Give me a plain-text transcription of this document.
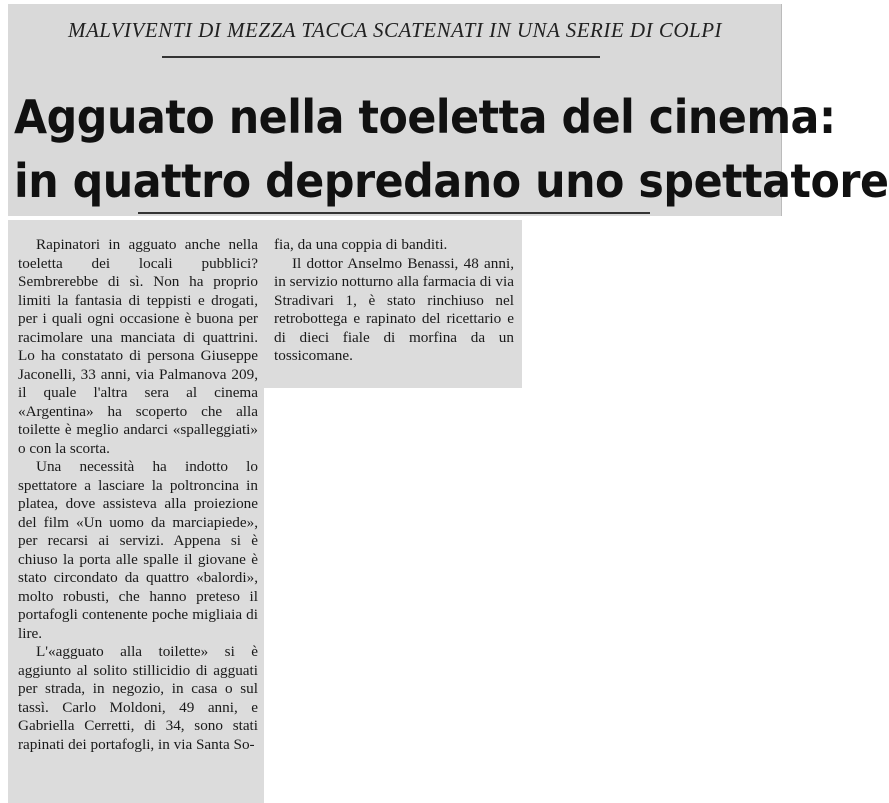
MALVIVENTI DI MEZZA TACCA SCATENATI IN UNA SERIE DI COLPI
Agguato nella toeletta del cinema:
in quattro depredano uno spettatore

Rapinatori in agguato anche nella toeletta dei locali pubblici? Sembrerebbe di sì. Non ha proprio limiti la fantasia di teppisti e drogati, per i quali ogni occasione è buona per racimolare una manciata di quattrini. Lo ha constatato di persona Giuseppe Jaconelli, 33 anni, via Palmanova 209, il quale l'altra sera al cinema «Argentina» ha scoperto che alla toilette è meglio andarci «spalleggiati» o con la scorta.

Una necessità ha indotto lo spettatore a lasciare la poltroncina in platea, dove assisteva alla proiezione del film «Un uomo da marciapiede», per recarsi ai servizi. Appena si è chiuso la porta alle spalle il giovane è stato circondato da quattro «balordi», molto robusti, che hanno preteso il portafogli contenente poche migliaia di lire.

L'«agguato alla toilette» si è aggiunto al solito stillicidio di agguati per strada, in negozio, in casa o sul tassì. Carlo Moldoni, 49 anni, e Gabriella Cerretti, di 34, sono stati rapinati dei portafogli, in via Santa So-

fia, da una coppia di banditi.

Il dottor Anselmo Benassi, 48 anni, in servizio notturno alla farmacia di via Stradivari 1, è stato rinchiuso nel retrobottega e rapinato del ricettario e di dieci fiale di morfina da un tossicomane.
